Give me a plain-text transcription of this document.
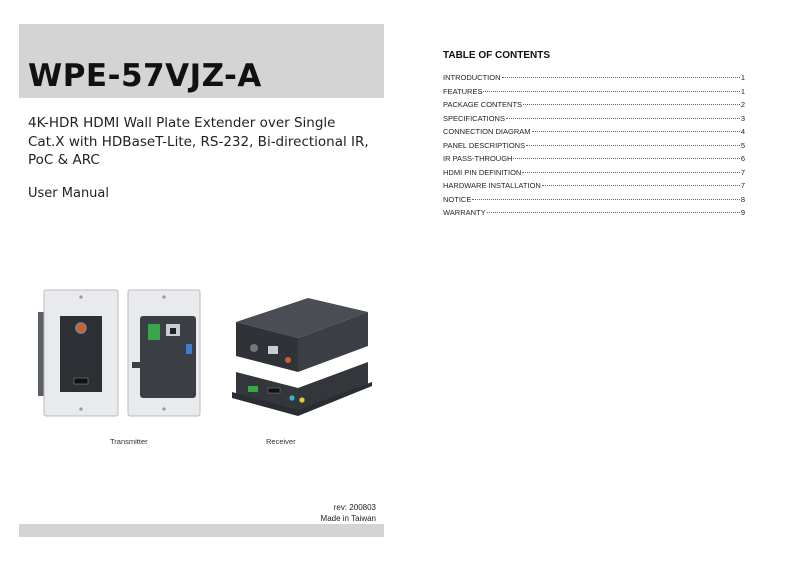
WPE-57VJZ-A

4K-HDR HDMI Wall Plate Extender over Single Cat.X with HDBaseT-Lite, RS-232, Bi-directional IR, PoC & ARC

User Manual

Transmitter	Receiver
rev: 200803
Made in Taiwan
TABLE OF CONTENTS
INTRODUCTION	1
FEATURES	1
PACKAGE CONTENTS	2
SPECIFICATIONS	3
CONNECTION DIAGRAM	4
PANEL DESCRIPTIONS	5
IR PASS-THROUGH	6
HDMI PIN DEFINITION	7
HARDWARE INSTALLATION	7
NOTICE	8
WARRANTY	9
